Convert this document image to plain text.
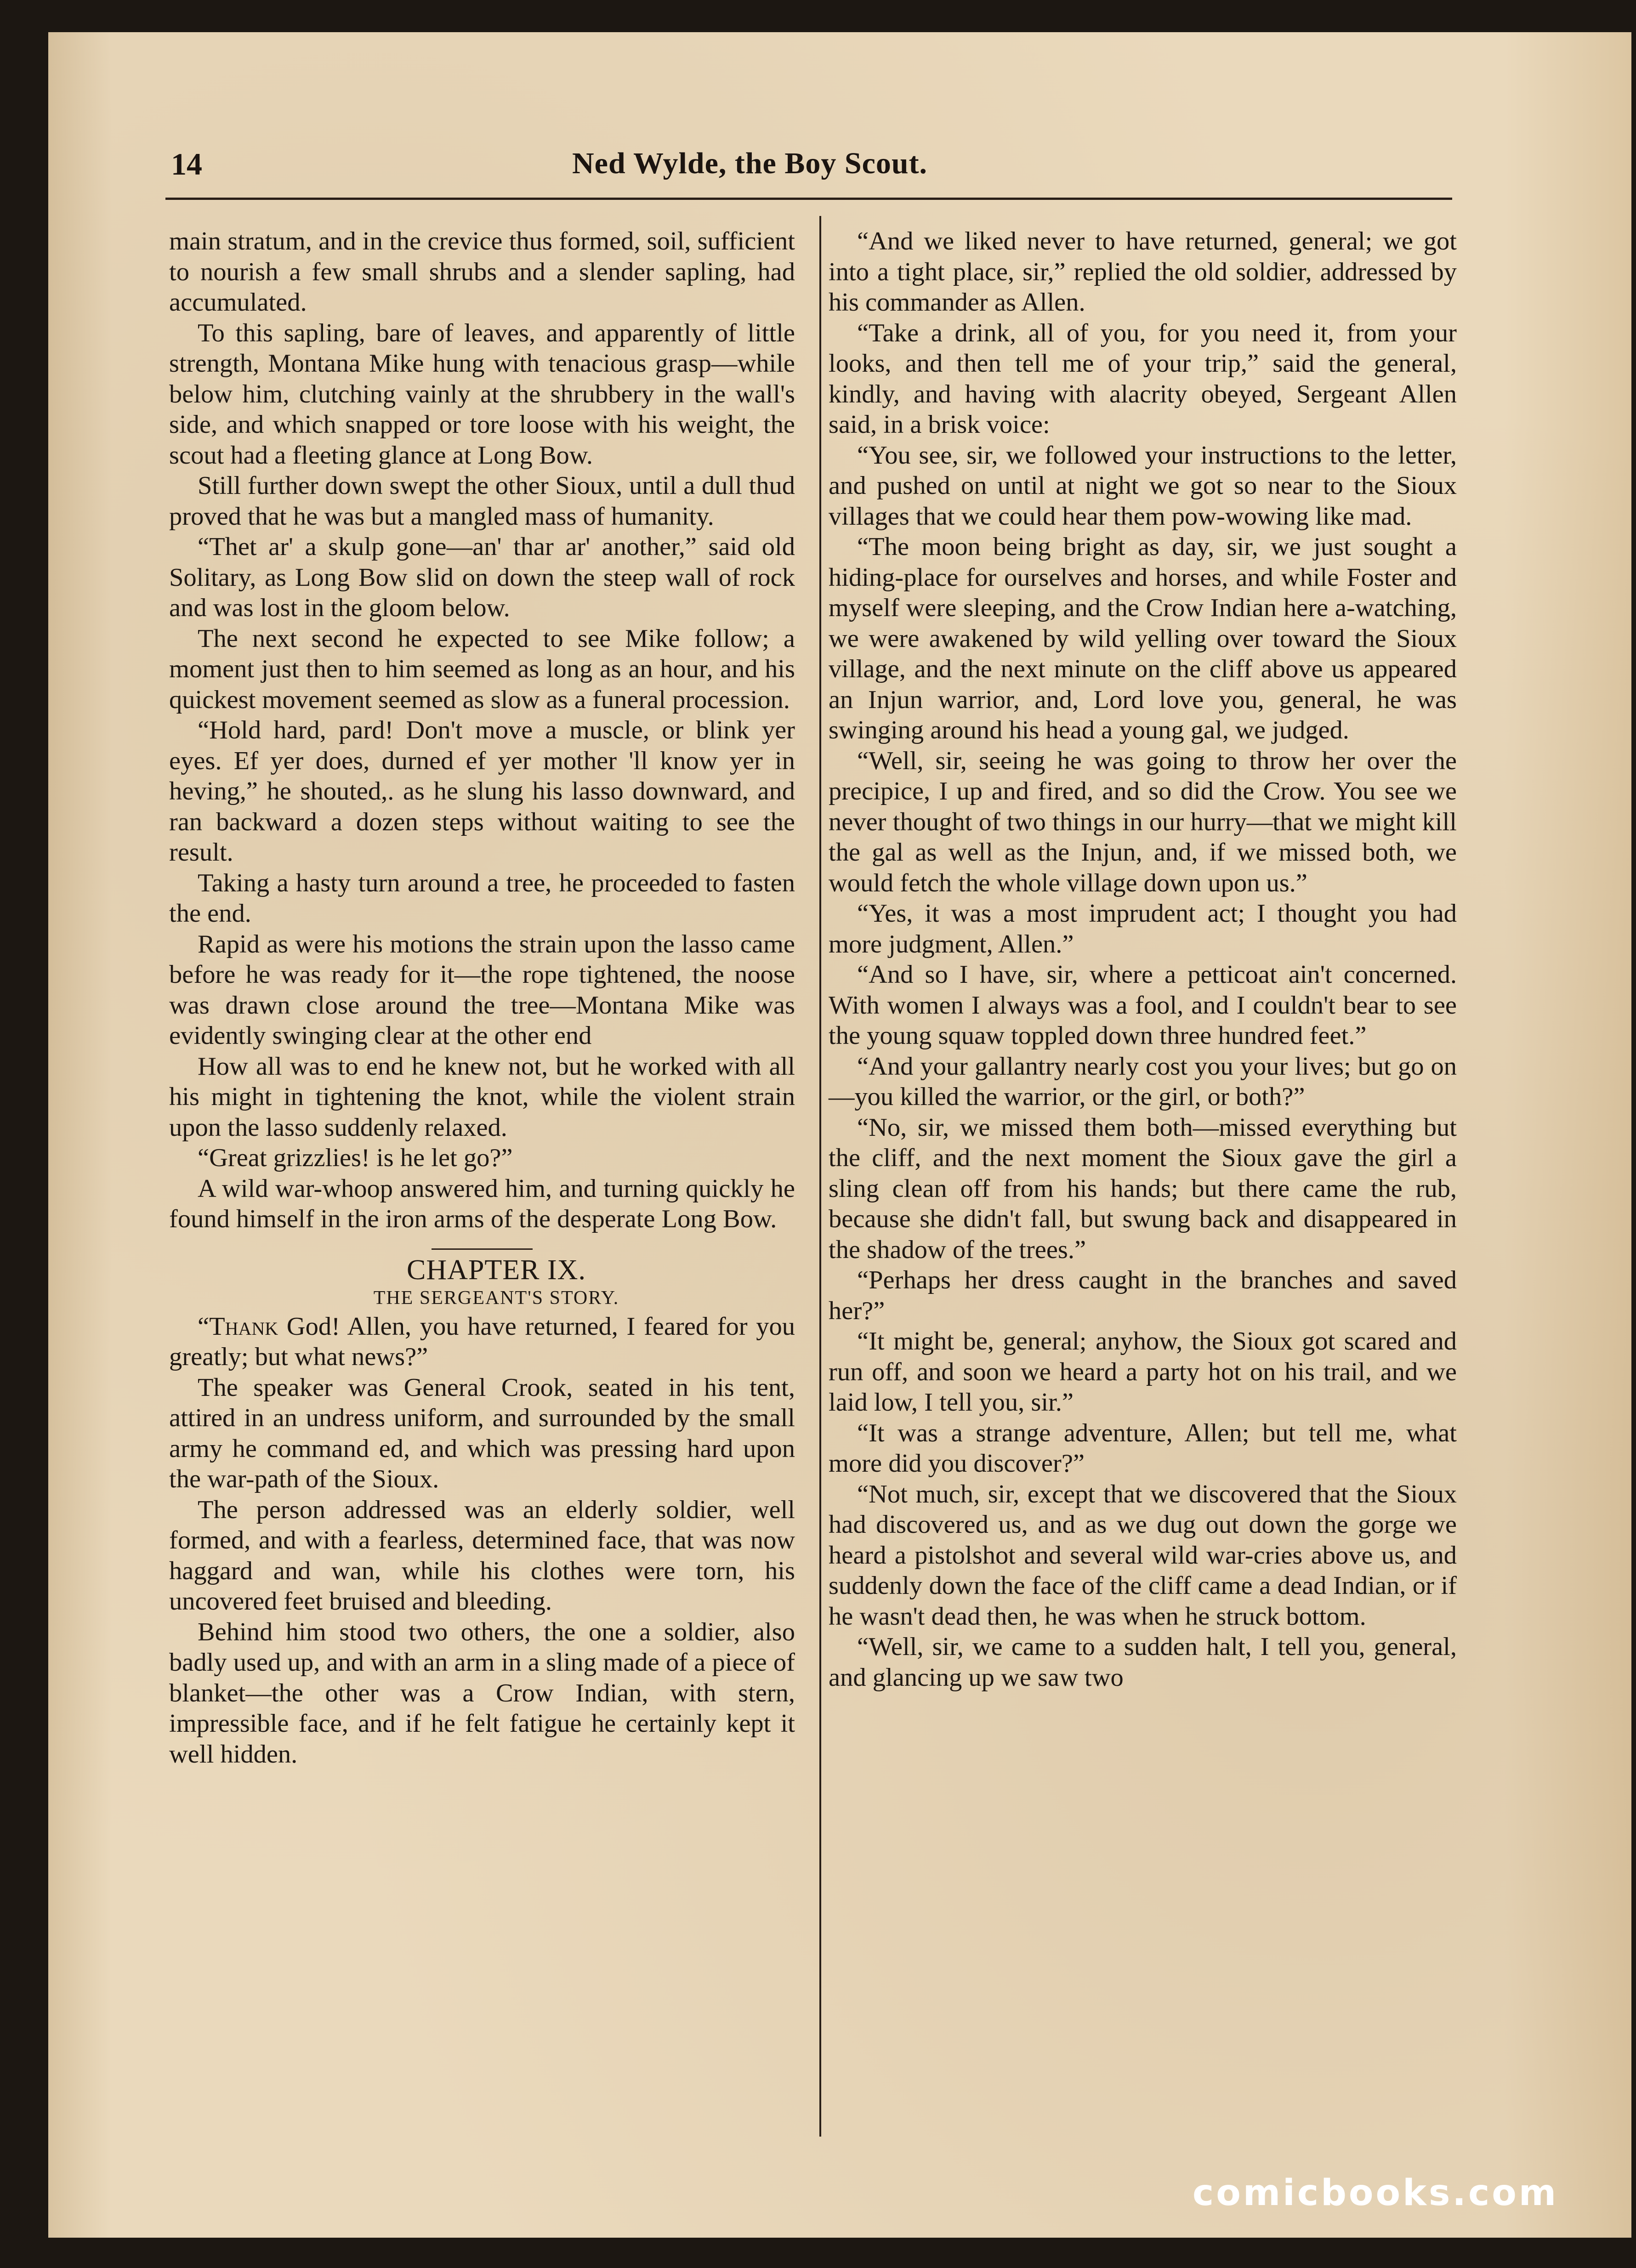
14	Ned Wylde, the Boy Scout.

main stratum, and in the crevice thus formed, soil, sufficient to nourish a few small shrubs and a slender sapling, had accumulated.

To this sapling, bare of leaves, and apparently of little strength, Montana Mike hung with tenacious grasp—while below him, clutching vainly at the shrubbery in the wall's side, and which snapped or tore loose with his weight, the scout had a fleeting glance at Long Bow.

Still further down swept the other Sioux, until a dull thud proved that he was but a mangled mass of humanity.

“Thet ar' a skulp gone—an' thar ar' another,” said old Solitary, as Long Bow slid on down the steep wall of rock and was lost in the gloom below.

The next second he expected to see Mike follow; a moment just then to him seemed as long as an hour, and his quickest movement seemed as slow as a funeral procession.

“Hold hard, pard! Don't move a muscle, or blink yer eyes. Ef yer does, durned ef yer mother 'll know yer in heving,” he shouted,. as he slung his lasso downward, and ran backward a dozen steps without waiting to see the result.

Taking a hasty turn around a tree, he proceeded to fasten the end.

Rapid as were his motions the strain upon the lasso came before he was ready for it—the rope tightened, the noose was drawn close around the tree—Montana Mike was evidently swinging clear at the other end

How all was to end he knew not, but he worked with all his might in tightening the knot, while the violent strain upon the lasso suddenly relaxed.

“Great grizzlies! is he let go?”

A wild war-whoop answered him, and turning quickly he found himself in the iron arms of the desperate Long Bow.

CHAPTER IX.

THE SERGEANT'S STORY.

“Thank God! Allen, you have returned, I feared for you greatly; but what news?”

The speaker was General Crook, seated in his tent, attired in an undress uniform, and surrounded by the small army he command ed, and which was pressing hard upon the war-path of the Sioux.

The person addressed was an elderly soldier, well formed, and with a fearless, determined face, that was now haggard and wan, while his clothes were torn, his uncovered feet bruised and bleeding.

Behind him stood two others, the one a soldier, also badly used up, and with an arm in a sling made of a piece of blanket—the other was a Crow Indian, with stern, impressible face, and if he felt fatigue he certainly kept it well hidden.

“And we liked never to have returned, general; we got into a tight place, sir,” replied the old soldier, addressed by his commander as Allen.

“Take a drink, all of you, for you need it, from your looks, and then tell me of your trip,” said the general, kindly, and having with alacrity obeyed, Sergeant Allen said, in a brisk voice:

“You see, sir, we followed your instructions to the letter, and pushed on until at night we got so near to the Sioux villages that we could hear them pow-wowing like mad.

“The moon being bright as day, sir, we just sought a hiding-place for ourselves and horses, and while Foster and myself were sleeping, and the Crow Indian here a-watching, we were awakened by wild yelling over toward the Sioux village, and the next minute on the cliff above us appeared an Injun warrior, and, Lord love you, general, he was swinging around his head a young gal, we judged.

“Well, sir, seeing he was going to throw her over the precipice, I up and fired, and so did the Crow. You see we never thought of two things in our hurry—that we might kill the gal as well as the Injun, and, if we missed both, we would fetch the whole village down upon us.”

“Yes, it was a most imprudent act; I thought you had more judgment, Allen.”

“And so I have, sir, where a petticoat ain't concerned. With women I always was a fool, and I couldn't bear to see the young squaw toppled down three hundred feet.”

“And your gallantry nearly cost you your lives; but go on—you killed the warrior, or the girl, or both?”

“No, sir, we missed them both—missed everything but the cliff, and the next moment the Sioux gave the girl a sling clean off from his hands; but there came the rub, because she didn't fall, but swung back and disappeared in the shadow of the trees.”

“Perhaps her dress caught in the branches and saved her?”

“It might be, general; anyhow, the Sioux got scared and run off, and soon we heard a party hot on his trail, and we laid low, I tell you, sir.”

“It was a strange adventure, Allen; but tell me, what more did you discover?”

“Not much, sir, except that we discovered that the Sioux had discovered us, and as we dug out down the gorge we heard a pistolshot and several wild war-cries above us, and suddenly down the face of the cliff came a dead Indian, or if he wasn't dead then, he was when he struck bottom.

“Well, sir, we came to a sudden halt, I tell you, general, and glancing up we saw two

comicbooks.com
